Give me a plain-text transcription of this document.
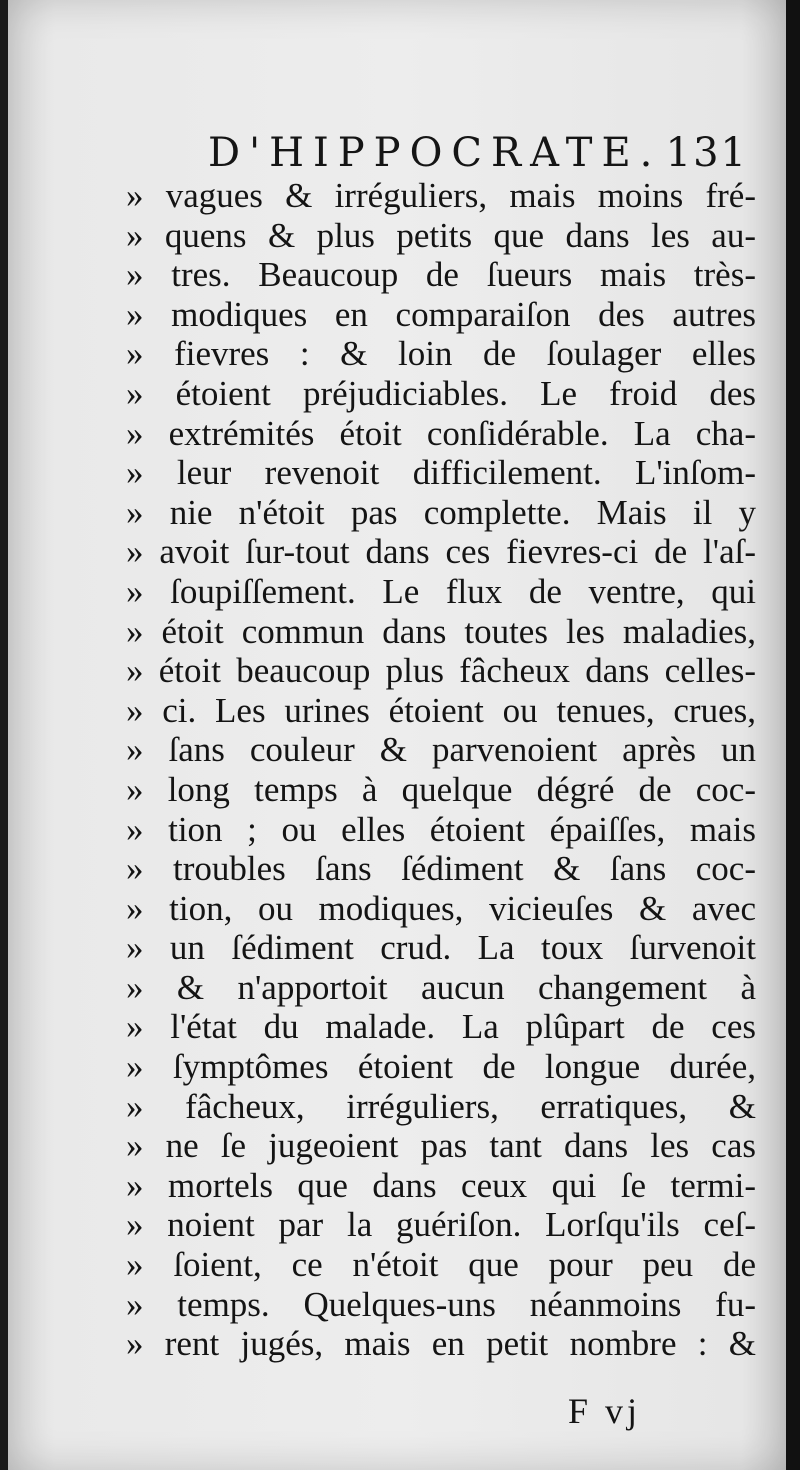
D'HIPPOCRATE. 131
» vagues & irréguliers, mais moins fré-
» quens & plus petits que dans les au-
» tres. Beaucoup de ſueurs mais très-
» modiques en comparaiſon des autres
» fievres : & loin de ſoulager elles
» étoient préjudiciables. Le froid des
» extrémités étoit conſidérable. La cha-
» leur revenoit difficilement. L'inſom-
» nie n'étoit pas complette. Mais il y
» avoit ſur-tout dans ces fievres-ci de l'aſ-
» ſoupiſſement. Le flux de ventre, qui
» étoit commun dans toutes les maladies,
» étoit beaucoup plus fâcheux dans celles-
» ci. Les urines étoient ou tenues, crues,
» ſans couleur & parvenoient après un
» long temps à quelque dégré de coc-
» tion ; ou elles étoient épaiſſes, mais
» troubles ſans ſédiment & ſans coc-
» tion, ou modiques, vicieuſes & avec
» un ſédiment crud. La toux ſurvenoit
» & n'apportoit aucun changement à
» l'état du malade. La plûpart de ces
» ſymptômes étoient de longue durée,
» fâcheux, irréguliers, erratiques, &
» ne ſe jugeoient pas tant dans les cas
» mortels que dans ceux qui ſe termi-
» noient par la guériſon. Lorſqu'ils ceſ-
» ſoient, ce n'étoit que pour peu de
» temps. Quelques-uns néanmoins fu-
» rent jugés, mais en petit nombre : &
F vj
